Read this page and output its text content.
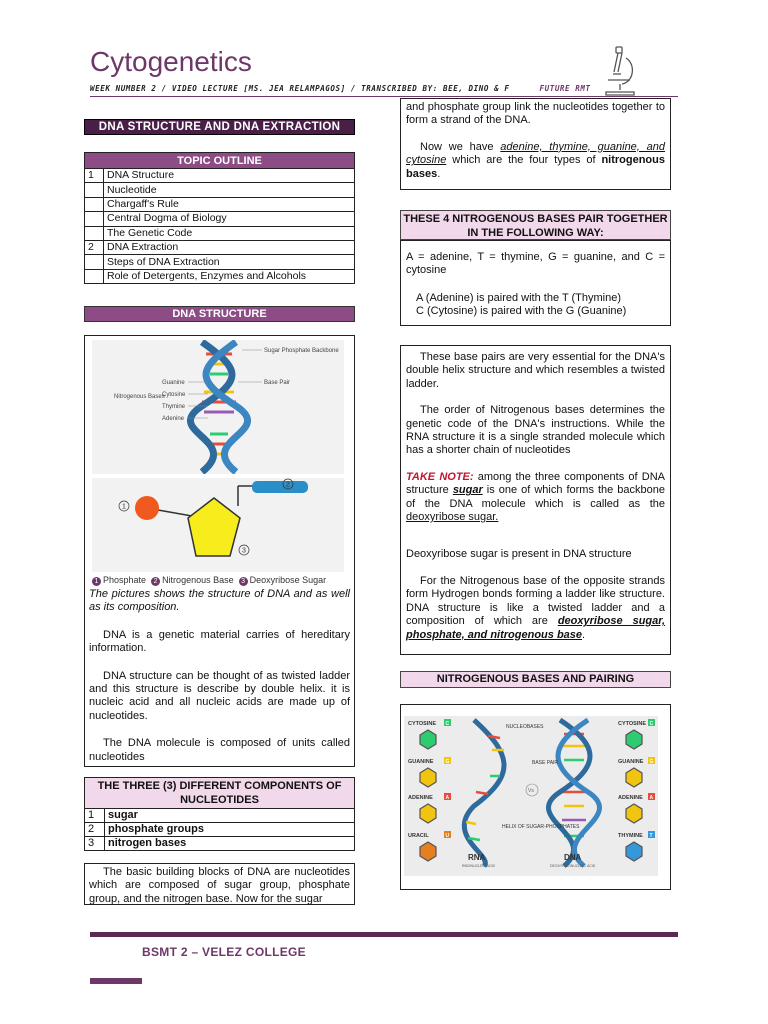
Cytogenetics
WEEK NUMBER 2 / VIDEO LECTURE [MS. JEA RELAMPAGOS] / TRANSCRIBED BY: BEE, DINO & F	FUTURE RMT
DNA STRUCTURE AND DNA EXTRACTION
TOPIC OUTLINE	
1	DNA Structure
	Nucleotide
	Chargaff's Rule
	Central Dogma of Biology
	The Genetic Code
2	DNA Extraction
	Steps of DNA Extraction
	Role of Detergents, Enzymes and Alcohols
DNA STRUCTURE
Sugar Phosphate Backbone
Base Pair
Nitrogenous Bases
Guanine
Cytosine
Thymine
Adenine
1
2
3
1 Phosphate 2 Nitrogenous Base 3 Deoxyribose Sugar

The pictures shows the structure of DNA and as well as its composition.

DNA is a genetic material carries of hereditary information.

DNA structure can be thought of as twisted ladder and this structure is describe by double helix. it is nucleic acid and all nucleic acids are made up of nucleotides.

The DNA molecule is composed of units called nucleotides

THE THREE (3) DIFFERENT COMPONENTS OF NUCLEOTIDES	
1	sugar
2	phosphate groups
3	nitrogen bases

The basic building blocks of DNA are nucleotides which are composed of sugar group, phosphate group, and the nitrogen base. Now for the sugar

and phosphate group link the nucleotides together to form a strand of the DNA.

Now we have adenine, thymine, guanine, and cytosine which are the four types of nitrogenous bases.

THESE 4 NITROGENOUS BASES PAIR TOGETHER IN THE FOLLOWING WAY:

A = adenine, T = thymine, G = guanine, and C = cytosine

A (Adenine) is paired with the T (Thymine)

C (Cytosine) is paired with the G (Guanine)

These base pairs are very essential for the DNA's double helix structure and which resembles a twisted ladder.

The order of Nitrogenous bases determines the genetic code of the DNA's instructions. While the RNA structure it is a single stranded molecule which has a shorter chain of nucleotides

TAKE NOTE: among the three components of DNA structure sugar is one of which forms the backbone of the DNA molecule which is called as the deoxyribose sugar.

Deoxyribose sugar is present in DNA structure

For the Nitrogenous base of the opposite strands form Hydrogen bonds forming a ladder like structure. DNA structure is like a twisted ladder and a composition of which are deoxyribose sugar, phosphate, and nitrogenous base.

NITROGENOUS BASES AND PAIRING
CYTOSINE
GUANINE
ADENINE
URACIL
CYTOSINE
GUANINE
ADENINE
THYMINE
C
G
A
U
C
G
A
T
NUCLEOBASES
BASE PAIR
HELIX OF SUGAR-PHOSPHATES
Vs
RNA
RIBONUCLEIC ACID
DNA
DEOXYRIBONUCLEIC ACID
BSMT 2 – VELEZ COLLEGE
